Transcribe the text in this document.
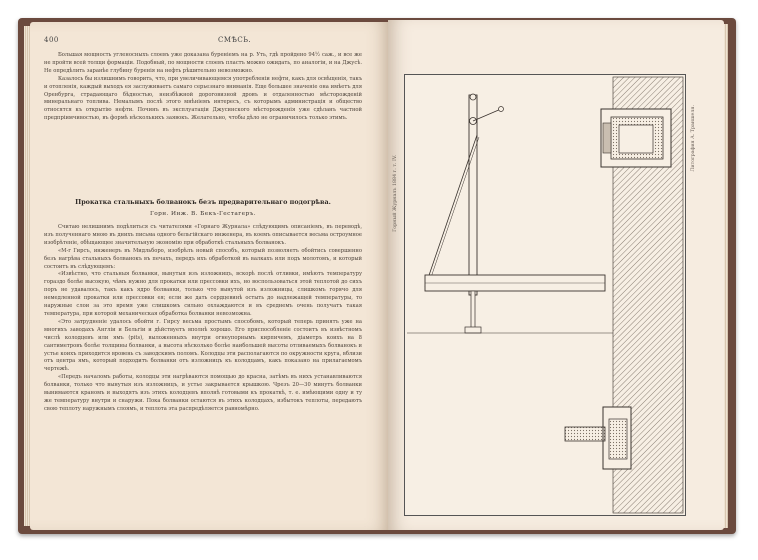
Горный Журналъ 1884 г. т. IV.
Литография А. Траншеля.
400	СМѢСЬ.

Большая мощность угленосныхъ слоевъ уже доказана буреніемъ на р. Уть, гдѣ пройдено 94½ саж., и все же не пройти всей толщи формаціи. Подобный, по мощности слоевъ пластъ можно ожидать, по аналогіи, и на Джусѣ. Не опредѣлить заранѣе глубину буренія на нефть рѣшительно невозможно.

Казалось бы излишнимъ говорить, что, при увеличивающемся употребленіи нефти, какъ для освѣщенія, такъ и отопленія, каждый выходъ ея заслуживаетъ самаго серьезнаго вниманія. Еще большее значеніе она имѣетъ для Оренбурга, страдающаго бѣдностью, неизбѣжной дороговизной дровъ и отдаленностью мѣсторожденій минеральнаго топлива. Немалымъ послѣ этого мнѣніемъ интересъ, съ которымъ администрація и общество относятся къ открытію нефти. Починъ въ эксплуатаціи Джусинского мѣсторожденія уже сдѣланъ частной предпріимчивостью, въ формѣ нѣсколькихъ заявокъ. Желательно, чтобы дѣло не ограничилось только этимъ.

Прокатка стальныхъ болванокъ безъ предварительнаго подогрѣва.
Горн. Инж. В. Бекъ-Гестагеръ.

Считаю нелишнимъ подѣлиться съ читателями «Горнаго Журнала» слѣдующимъ описаніемъ, въ переводѣ, изъ полученнаго мною въ днихъ письма одного бельгійскаго инженера, въ коемъ описывается весьма остроумное изобрѣтеніе, обѣщающее значительную экономію при обработкѣ стальныхъ болванокъ.

«М-r Гирсъ, инженеръ въ Мидльборо, изобрѣлъ новый способъ, который позволяетъ обойтись совершенно безъ нагрѣва стальныхъ болванокъ въ печахъ, передъ ихъ обработкой въ валкахъ или подъ молотомъ, и который состоитъ въ слѣдующемъ:

«Извѣстно, что стальныя болванки, вынутыя изъ изложницъ, вскорѣ послѣ отливки, имѣютъ температуру гораздо болѣе высокую, чѣмъ нужно для прокатки или прессовки ихъ, но воспользоваться этой теплотой до сихъ поръ не удавалось, такъ какъ ядро болванки, только что вынутой изъ изложницы, слишкомъ горячо для немедленной прокатки или прессовки ея; если же дать сердцевинѣ остыть до надлежащей температуры, то наружные слои за это время уже слишкомъ сильно охлаждаются и въ среднемъ очень получатъ такая температура, при которой механическая обработка болванки невозможна.

«Это затрудненіе удалось обойти г. Гирсу весьма простымъ способомъ, который теперь принятъ уже на многихъ заводахъ Англіи и Бельгіи и дѣйствуетъ вполнѣ хорошо. Его приспособленіе состоитъ въ извѣстномъ числѣ колодцевъ или ямъ (pits), выложенныхъ внутри огнеупорнымъ кирпичемъ, діаметръ коихъ на 8 сантиметровъ болѣе толщины болванки, а высота нѣсколько болѣе наибольшей высоты отливаемыхъ болванокъ и устье коихъ приходится вровень съ заводскимъ поломъ. Колодцы эти располагаются по окружности круга, вблизи отъ центра ямъ, который подходитъ болванки отъ изложницъ къ колодцамъ, какъ показано на прилагаемомъ чертежѣ.

«Передъ началомъ работы, колодцы эти нагрѣваются помощью до красна, затѣмъ въ нихъ устанавливаются болванки, только что вынутыя изъ изложницъ, и устье закрывается крышкою. Чрезъ 20—30 минутъ болванки вынимаются краномъ и выходятъ изъ этихъ колодцевъ вполнѣ готовыми къ прокаткѣ, т. е. имѣющими одну и ту же температуру внутри и снаружи. Пока болванки остаются въ этихъ колодцахъ, избытокъ теплоты, передаютъ свою теплоту наружнымъ слоямъ, и теплота эта распредѣляется равномѣрно.
